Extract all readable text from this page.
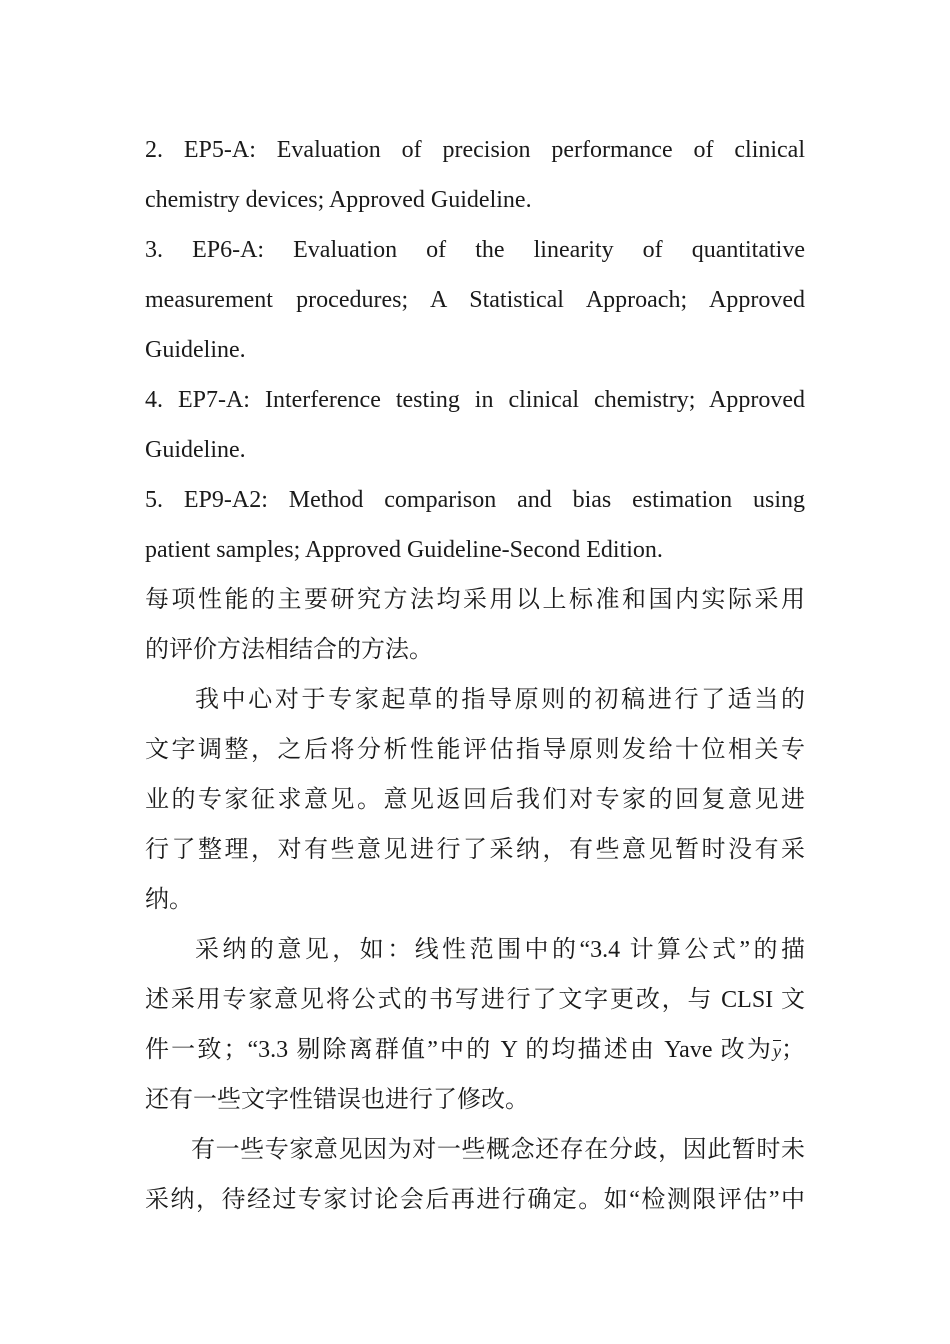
2. EP5-A: Evaluation of precision performance of clinical
chemistry devices; Approved Guideline.
3. EP6-A: Evaluation of the linearity of quantitative
measurement procedures; A Statistical Approach; Approved
Guideline.
4. EP7-A: Interference testing in clinical chemistry; Approved
Guideline.
5. EP9-A2: Method comparison and bias estimation using
patient samples; Approved Guideline-Second Edition.
每项性能的主要研究方法均采用以上标准和国内实际采用
的评价方法相结合的方法。
我中心对于专家起草的指导原则的初稿进行了适当的
文字调整，之后将分析性能评估指导原则发给十位相关专
业的专家征求意见。意见返回后我们对专家的回复意见进
行了整理，对有些意见进行了采纳，有些意见暂时没有采
纳。
采纳的意见，如：线性范围中的“3.4 计算公式”的描
述采用专家意见将公式的书写进行了文字更改，与 CLSI 文
件一致；“3.3 剔除离群值”中的 Y 的均描述由 Yave 改为$\overline{y}$；
还有一些文字性错误也进行了修改。
有一些专家意见因为对一些概念还存在分歧，因此暂时未
采纳，待经过专家讨论会后再进行确定。如“检测限评估”中
